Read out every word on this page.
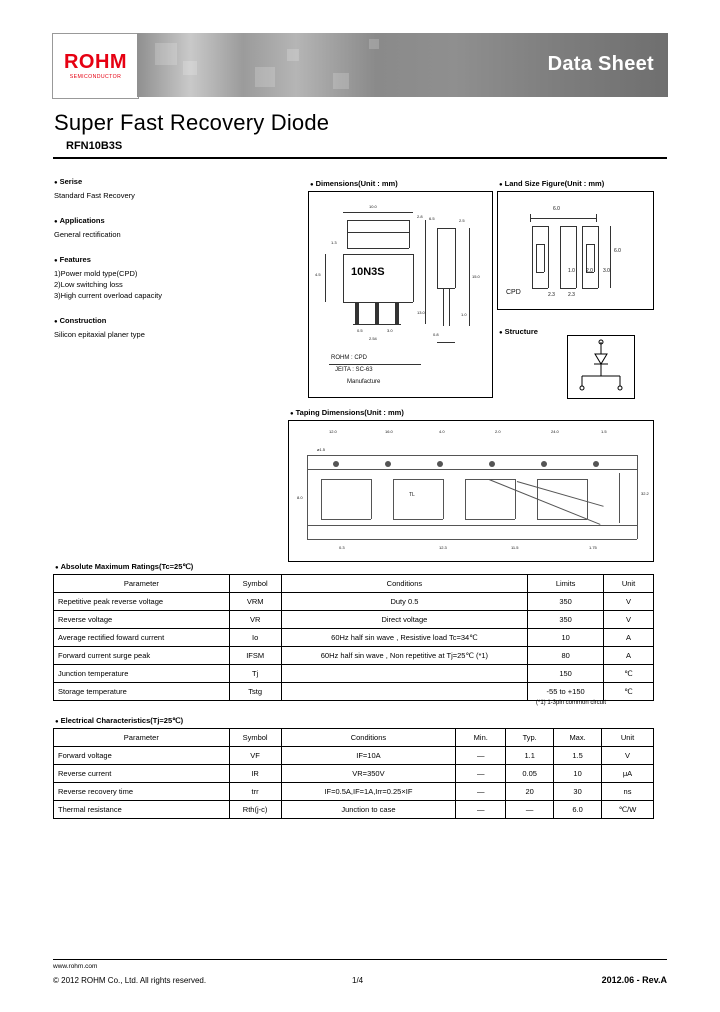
ROHM
SEMICONDUCTOR
Data Sheet
Super Fast Recovery Diode
RFN10B3S
● Serise

Standard Fast Recovery

● Applications

General rectification

● Features

1)Power mold type(CPD)

2)Low switching loss

3)High current overload capacity

● Construction

Silicon epitaxial planer type

● Dimensions(Unit : mm)	● Land Size Figure(Unit : mm)
● Structure
● Taping Dimensions(Unit : mm)
10N3S
10.0
4.5
2.8 6.5
15.0
2.5
0.8
1.3
13.0
0.5	3.0
2.54
1.0
ROHM : CPD
JEITA : SC-63
Manufacture
6.0
6.0
3.0
2.0
1.0
2.3	2.3
CPD
12.0	16.0	4.0	2.0	24.0	1.5
ø1.5
TL
8.0
32.2
1.75
0.3	12.3	11.5
● Absolute Maximum Ratings(Tc=25℃)
Parameter	Symbol	Conditions	Limits	Unit
Repetitive peak reverse voltage	VRM	Duty 0.5	350	V
Reverse voltage	VR	Direct voltage	350	V
Average rectified foward current	Io	60Hz half sin wave , Resistive load Tc=34℃	10	A
Forward current surge peak	IFSM	60Hz half sin wave , Non repetitive at Tj=25℃ (*1)	80	A
Junction temperature	Tj		150	℃
Storage temperature	Tstg		-55 to +150	℃
(*1) 1-3pin common circuit
● Electrical Characteristics(Tj=25℃)
Parameter	Symbol	Conditions	Min.	Typ.	Max.	Unit
Forward voltage	VF	IF=10A	—	1.1	1.5	V
Reverse current	IR	VR=350V	—	0.05	10	μA
Reverse recovery time	trr	IF=0.5A,IF=1A,Irr=0.25×IF	—	20	30	ns
Thermal resistance	Rth(j-c)	Junction to case	—	—	6.0	℃/W
www.rohm.com
© 2012 ROHM Co., Ltd. All rights reserved.	1/4	2012.06 - Rev.A
